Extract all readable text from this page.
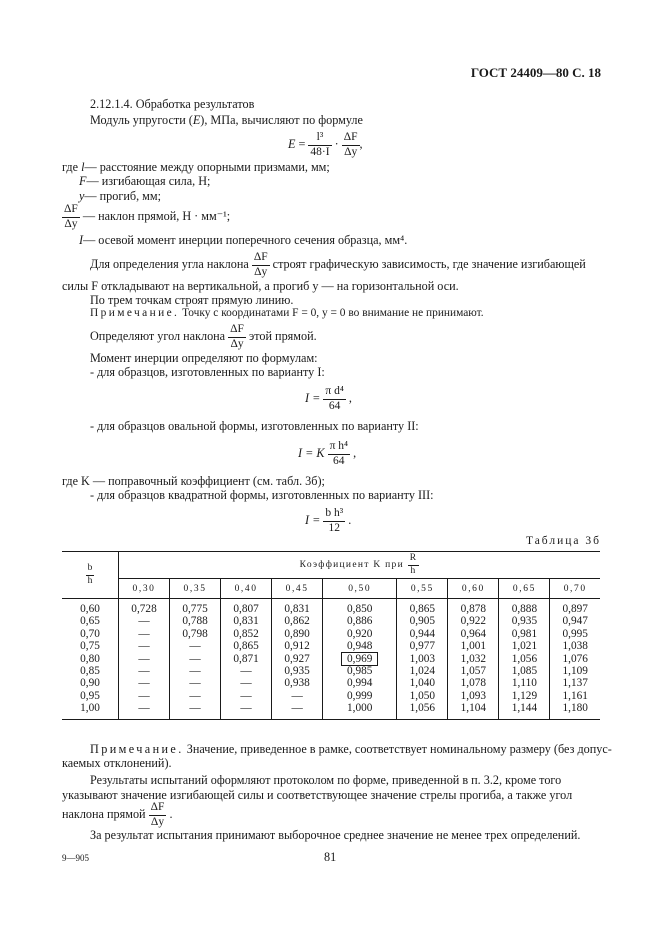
ГОСТ 24409—80 С. 18
2.12.1.4. Обработка результатов
Модуль упругости (E), МПа, вычисляют по формуле
$E = \frac{\text{l³}}{48\cdot I} \cdot \frac{\Delta F}{\Delta y}$ ,
где l— расстояние между опорными призмами, мм;
F— изгибающая сила, Н;
y— прогиб, мм;
$\frac{\Delta F}{\Delta y}$ — наклон прямой, Н · мм⁻¹;
I— осевой момент инерции поперечного сечения образца, мм⁴.
Для определения угла наклона $\frac{\Delta F}{\Delta y}$ строят графическую зависимость, где значение изгибающей
силы F откладывают на вертикальной, а прогиб y — на горизонтальной оси.
По трем точкам строят прямую линию.
Примечание. Точку с координатами F = 0, y = 0 во внимание не принимают.
Определяют угол наклона $\frac{\Delta F}{\Delta y}$ этой прямой.
Момент инерции определяют по формулам:
- для образцов, изготовленных по варианту I:
$I = \frac{\text{π d⁴}}{64}$ ,
- для образцов овальной формы, изготовленных по варианту II:
I = K $\frac{\text{π h⁴}}{64}$ ,
где K — поправочный коэффициент (см. табл. 3б);
- для образцов квадратной формы, изготовленных по варианту III:
$I = \frac{\text{b h³}}{12}$ .
Таблица 3б
$\frac{b}{h}$	Коэффициент K при $\frac{R}{h}$

	0,30	0,35	0,40	0,45	0,50	0,55	0,60	0,65	0,70
0,60	0,728	0,775	0,807	0,831	0,850	0,865	0,878	0,888	0,897
0,65	—	0,788	0,831	0,862	0,886	0,905	0,922	0,935	0,947
0,70	—	0,798	0,852	0,890	0,920	0,944	0,964	0,981	0,995
0,75	—	—	0,865	0,912	0,948	0,977	1,001	1,021	1,038
0,80	—	—	0,871	0,927	0,969	1,003	1,032	1,056	1,076
0,85	—	—	—	0,935	0,985	1,024	1,057	1,085	1,109
0,90	—	—	—	0,938	0,994	1,040	1,078	1,110	1,137
0,95	—	—	—	—	0,999	1,050	1,093	1,129	1,161
1,00	—	—	—	—	1,000	1,056	1,104	1,144	1,180
Примечание. Значение, приведенное в рамке, соответствует номинальному размеру (без допус-
каемых отклонений).
Результаты испытаний оформляют протоколом по форме, приведенной в п. 3.2, кроме того
указывают значение изгибающей силы и соответствующее значение стрелы прогиба, а также угол
наклона прямой $\frac{\Delta F}{\Delta y}$ .
За результат испытания принимают выборочное среднее значение не менее трех определений.
9—905	81
